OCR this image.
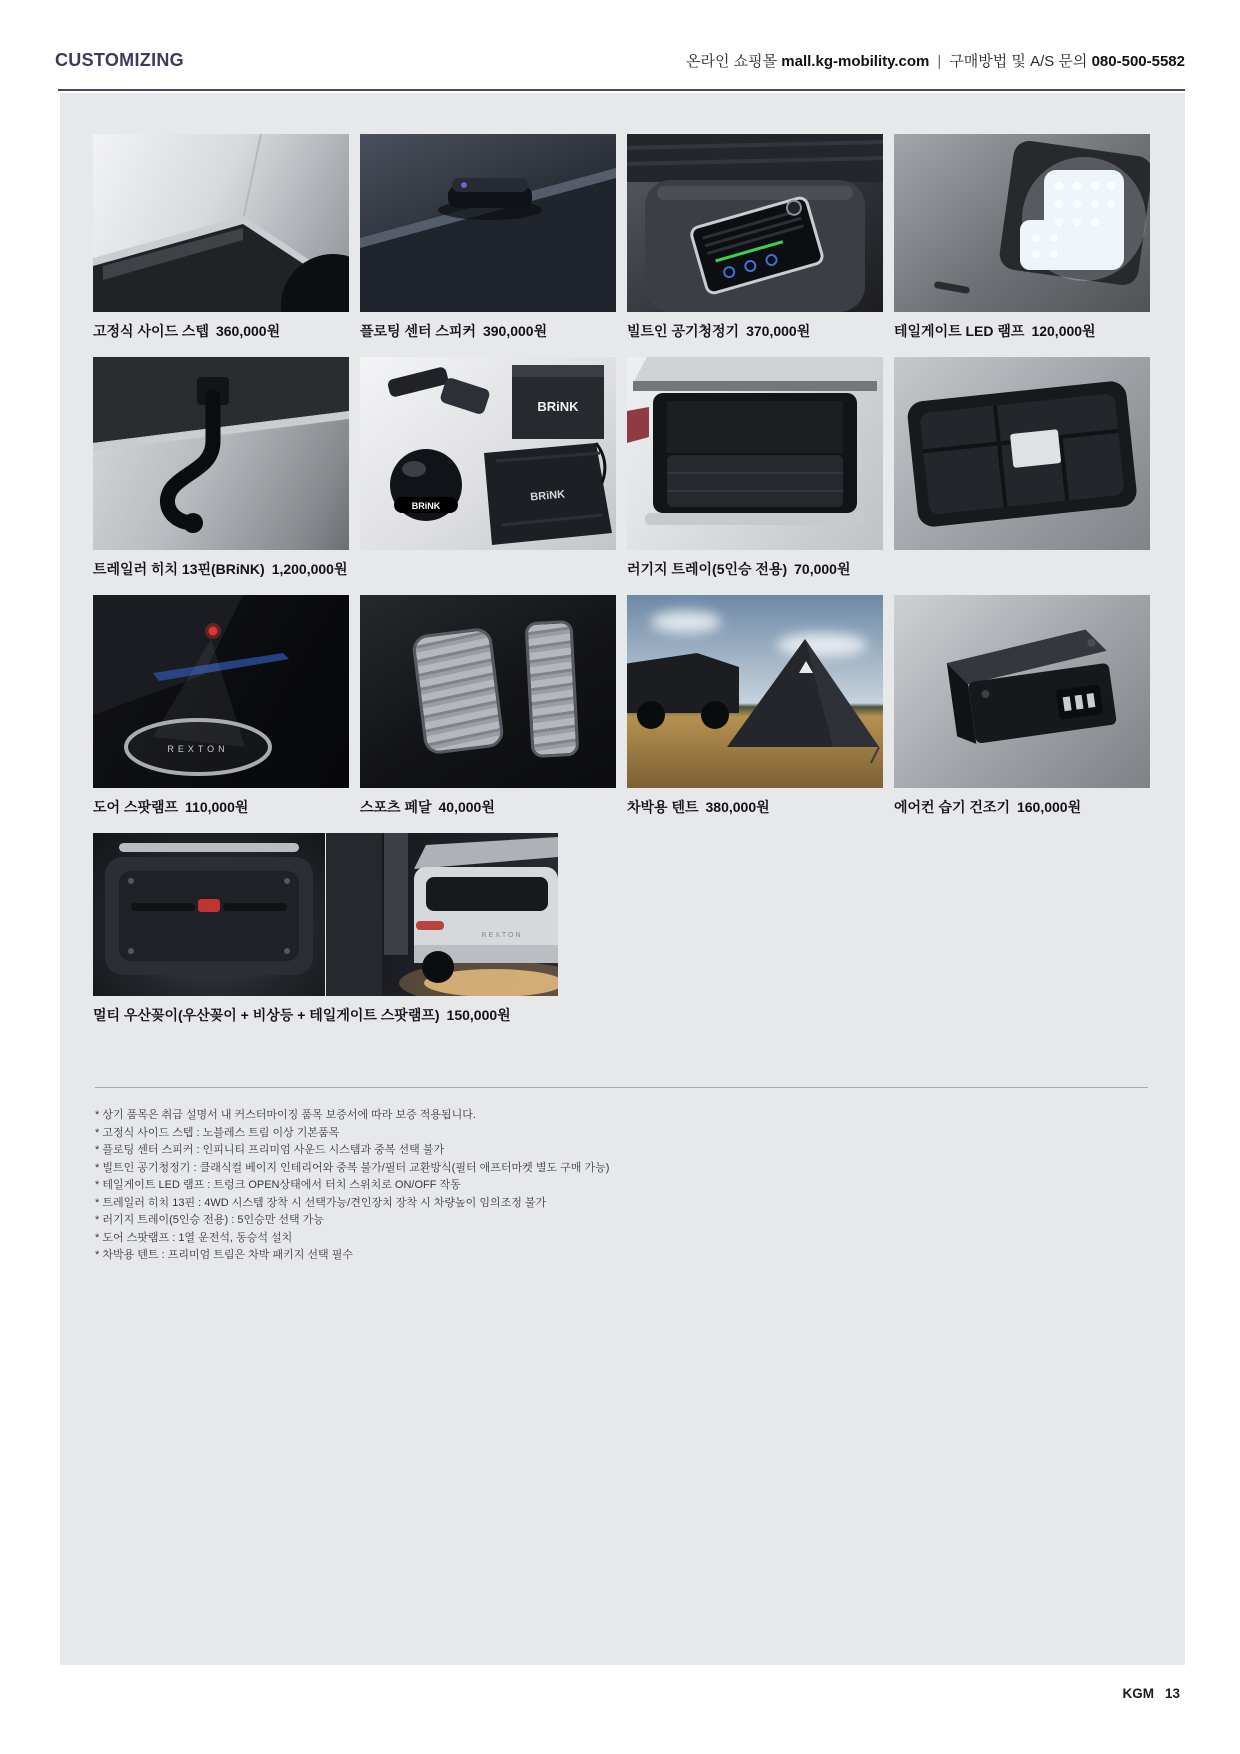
CUSTOMIZING	온라인 쇼핑몰 mall.kg-mobility.com | 구매방법 및 A/S 문의 080-500-5582
고정식 사이드 스텝 360,000원	플로팅 센터 스피커 390,000원	빌트인 공기청정기 370,000원	테일게이트 LED 램프 120,000원
BRiNK
BRiNK
BRiNK
트레일러 히치 13핀(BRiNK) 1,200,000원	러기지 트레이(5인승 전용) 70,000원
REXTON
도어 스팟램프 110,000원	스포츠 페달 40,000원	차박용 텐트 380,000원	에어컨 습기 건조기 160,000원
REXTON
멀티 우산꽂이(우산꽂이 + 비상등 + 테일게이트 스팟램프) 150,000원
* 상기 품목은 취급 설명서 내 커스터마이징 품목 보증서에 따라 보증 적용됩니다.
* 고정식 사이드 스텝 : 노블레스 트림 이상 기본품목
* 플로팅 센터 스피커 : 인피니티 프리미엄 사운드 시스템과 중복 선택 불가
* 빌트인 공기청정기 : 클래식컬 베이지 인테리어와 중복 불가/필터 교환방식(필터 애프터마켓 별도 구매 가능)
* 테일게이트 LED 램프 : 트렁크 OPEN상태에서 터치 스위치로 ON/OFF 작동
* 트레일러 히치 13핀 : 4WD 시스템 장착 시 선택가능/견인장치 장착 시 차량높이 임의조정 불가
* 러기지 트레이(5인승 전용) : 5인승만 선택 가능
* 도어 스팟램프 : 1열 운전석, 동승석 설치
* 차박용 텐트 : 프리미엄 트림은 차박 패키지 선택 필수
KGM 13
